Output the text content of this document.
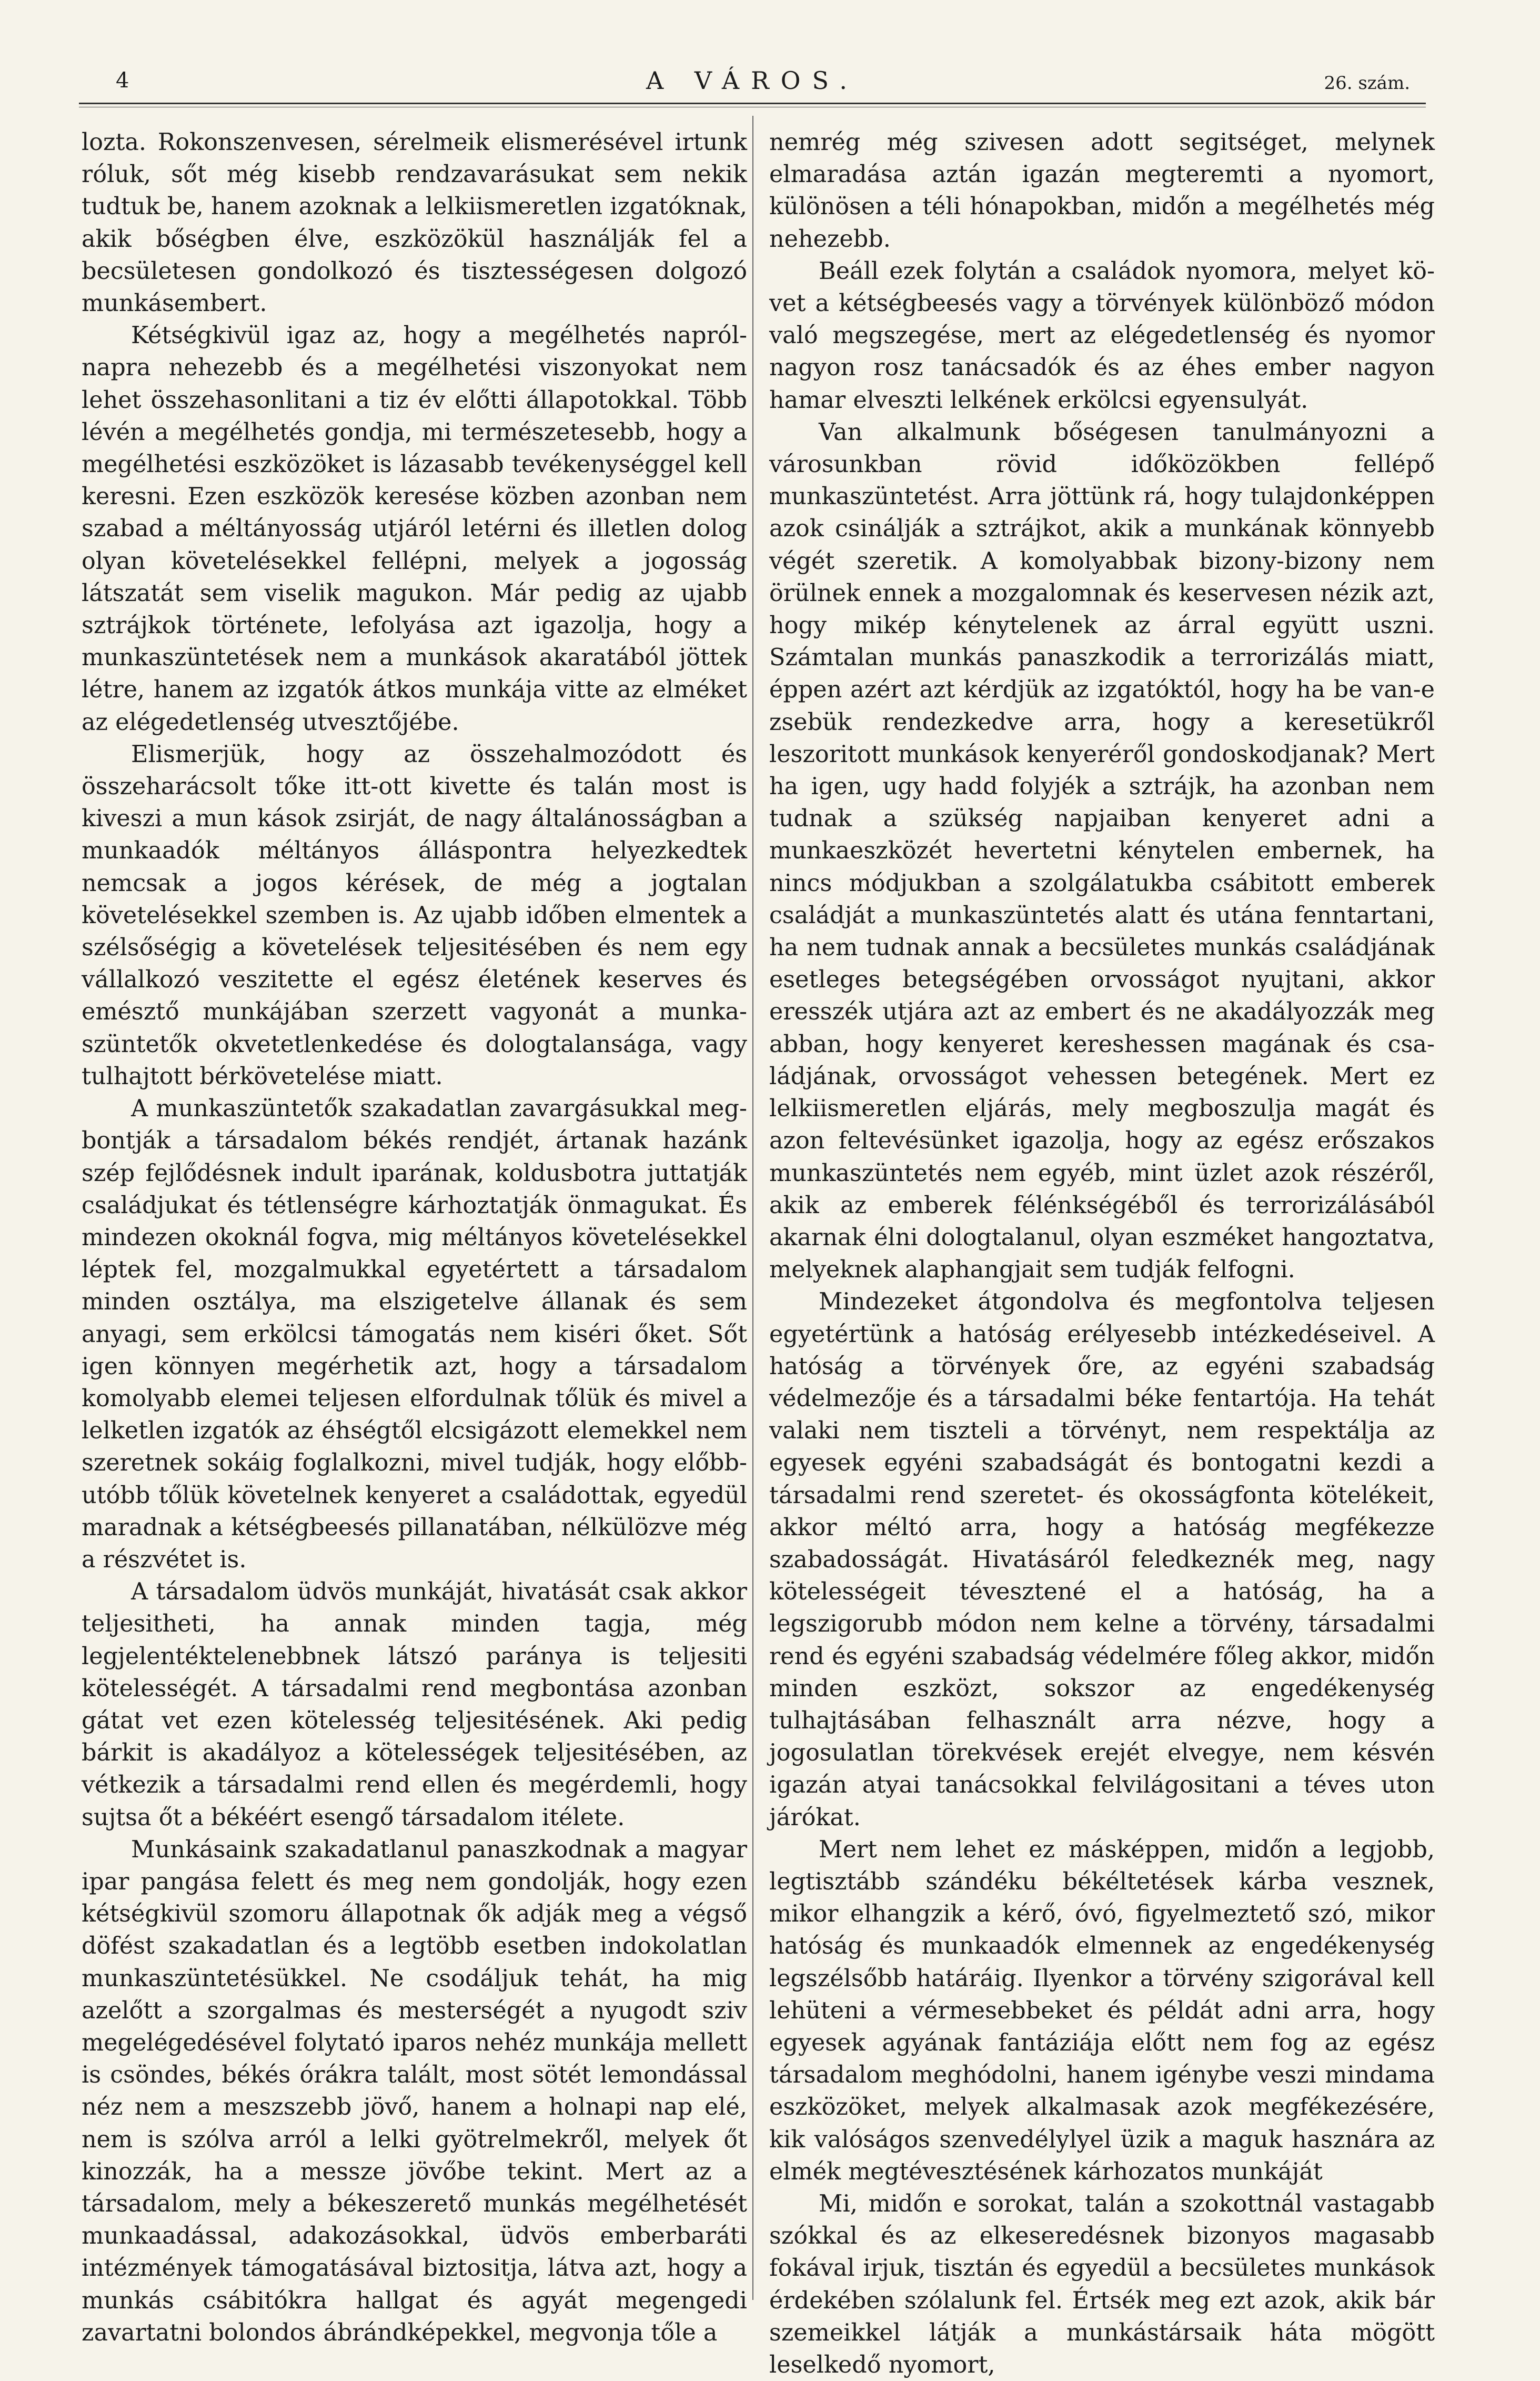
4	A VÁROS.	26. szám.

lozta. Rokonszenvesen, sérelmeik elismerésével irtunk róluk, sőt még kisebb rendzavarásukat sem nekik tudtuk be, hanem azoknak a lelkiismeretlen izgatóknak, akik bőségben élve, eszközökül használják fel a becsületesen gondolkozó és tisztességesen dolgozó munkásembert.

Kétségkivül igaz az, hogy a megélhetés napról-napra nehezebb és a megélhetési viszonyokat nem lehet összehasonlitani a tiz év előtti állapotokkal. Több lévén a megélhetés gondja, mi természetesebb, hogy a megélhetési eszközöket is lázasabb tevékenységgel kell keresni. Ezen eszközök keresése közben azonban nem szabad a méltányosság utjáról letérni és illetlen dolog olyan követelésekkel fellépni, melyek a jogosság látszatát sem viselik magukon. Már pedig az ujabb sztrájkok története, lefolyása azt igazolja, hogy a munkaszüntetések nem a munkások akaratából jöttek létre, hanem az izgatók átkos munkája vitte az elméket az elégedetlenség utvesztőjébe.

Elismerjük, hogy az összehalmozódott és összeharácsolt tőke itt-ott kivette és talán most is kiveszi a mun kások zsirját, de nagy általánosságban a munkaadók méltányos álláspontra helyezkedtek nemcsak a jogos kérések, de még a jogtalan követelésekkel szemben is. Az ujabb időben elmentek a szélsőségig a követelések teljesitésében és nem egy vállalkozó veszitette el egész életének keserves és emésztő munkájában szerzett vagyonát a munkaszüntetők okvetetlenkedése és dologtalansága, vagy tulhajtott bérkövetelése miatt.

A munkaszüntetők szakadatlan zavargásukkal megbontják a társadalom békés rendjét, ártanak hazánk szép fejlődésnek indult iparának, koldusbotra juttatják családjukat és tétlenségre kárhoztatják önmagukat. És mindezen okoknál fogva, mig méltányos követelésekkel léptek fel, mozgalmukkal egyetértett a társadalom minden osztálya, ma elszigetelve állanak és sem anyagi, sem erkölcsi támogatás nem kiséri őket. Sőt igen könnyen megérhetik azt, hogy a társadalom komolyabb elemei teljesen elfordulnak tőlük és mivel a lelketlen izgatók az éhségtől elcsigázott elemekkel nem szeretnek sokáig foglalkozni, mivel tudják, hogy előbb-utóbb tőlük követelnek kenyeret a családottak, egyedül maradnak a kétségbeesés pillanatában, nélkülözve még a részvétet is.

A társadalom üdvös munkáját, hivatását csak akkor teljesitheti, ha annak minden tagja, még legjelentéktelenebbnek látszó paránya is teljesiti kötelességét. A társadalmi rend megbontása azonban gátat vet ezen kötelesség teljesitésének. Aki pedig bárkit is akadályoz a kötelességek teljesitésében, az vétkezik a társadalmi rend ellen és megérdemli, hogy sujtsa őt a békéért esengő társadalom itélete.

Munkásaink szakadatlanul panaszkodnak a magyar ipar pangása felett és meg nem gondolják, hogy ezen kétségkivül szomoru állapotnak ők adják meg a végső döfést szakadatlan és a legtöbb esetben indokolatlan munkaszüntetésükkel. Ne csodáljuk tehát, ha mig azelőtt a szorgalmas és mesterségét a nyugodt sziv megelégedésével folytató iparos nehéz munkája mellett is csöndes, békés órákra talált, most sötét lemondással néz nem a meszszebb jövő, hanem a holnapi nap elé, nem is szólva arról a lelki gyötrelmekről, melyek őt kinozzák, ha a messze jövőbe tekint. Mert az a társadalom, mely a békeszerető munkás megélhetését munkaadással, adakozásokkal, üdvös emberbaráti intézmények támogatásával biztositja, látva azt, hogy a munkás csábitókra hallgat és agyát megengedi zavartatni bolondos ábrándképekkel, megvonja tőle a

nemrég még szivesen adott segitséget, melynek elmaradása aztán igazán megteremti a nyomort, különösen a téli hónapokban, midőn a megélhetés még nehezebb.

Beáll ezek folytán a családok nyomora, melyet követ a kétségbeesés vagy a törvények különböző módon való megszegése, mert az elégedetlenség és nyomor nagyon rosz tanácsadók és az éhes ember nagyon hamar elveszti lelkének erkölcsi egyensulyát.

Van alkalmunk bőségesen tanulmányozni a városunkban rövid időközökben fellépő munkaszüntetést. Arra jöttünk rá, hogy tulajdonképpen azok csinálják a sztrájkot, akik a munkának könnyebb végét szeretik. A komolyabbak bizony-bizony nem örülnek ennek a mozgalomnak és keservesen nézik azt, hogy mikép kénytelenek az árral együtt uszni. Számtalan munkás panaszkodik a terrorizálás miatt, éppen azért azt kérdjük az izgatóktól, hogy ha be van-e zsebük rendezkedve arra, hogy a keresetükről leszoritott munkások kenyeréről gondoskodjanak? Mert ha igen, ugy hadd folyjék a sztrájk, ha azonban nem tudnak a szükség napjaiban kenyeret adni a munkaeszközét hevertetni kénytelen embernek, ha nincs módjukban a szolgálatukba csábitott emberek családját a munkaszüntetés alatt és utána fenntartani, ha nem tudnak annak a becsületes munkás családjának esetleges betegségében orvosságot nyujtani, akkor eresszék utjára azt az embert és ne akadályozzák meg abban, hogy kenyeret kereshessen magának és családjának, orvosságot vehessen betegének. Mert ez lelkiismeretlen eljárás, mely megboszulja magát és azon feltevésünket igazolja, hogy az egész erőszakos munkaszüntetés nem egyéb, mint üzlet azok részéről, akik az emberek félénkségéből és terrorizálásából akarnak élni dologtalanul, olyan eszméket hangoztatva, melyeknek alaphangjait sem tudják felfogni.

Mindezeket átgondolva és megfontolva teljesen egyetértünk a hatóság erélyesebb intézkedéseivel. A hatóság a törvények őre, az egyéni szabadság védelmezője és a társadalmi béke fentartója. Ha tehát valaki nem tiszteli a törvényt, nem respektálja az egyesek egyéni szabadságát és bontogatni kezdi a társadalmi rend szeretet- és okosságfonta kötelékeit, akkor méltó arra, hogy a hatóság megfékezze szabadosságát. Hivatásáról feledkeznék meg, nagy kötelességeit tévesztené el a hatóság, ha a legszigorubb módon nem kelne a törvény, társadalmi rend és egyéni szabadság védelmére főleg akkor, midőn minden eszközt, sokszor az engedékenység tulhajtásában felhasznált arra nézve, hogy a jogosulatlan törekvések erejét elvegye, nem késvén igazán atyai tanácsokkal felvilágositani a téves uton járókat.

Mert nem lehet ez másképpen, midőn a legjobb, legtisztább szándéku békéltetések kárba vesznek, mikor elhangzik a kérő, óvó, figyelmeztető szó, mikor hatóság és munkaadók elmennek az engedékenység legszélsőbb határáig. Ilyenkor a törvény szigorával kell lehüteni a vérmesebbeket és példát adni arra, hogy egyesek agyának fantáziája előtt nem fog az egész társadalom meghódolni, hanem igénybe veszi mindama eszközöket, melyek alkalmasak azok megfékezésére, kik valóságos szenvedélylyel üzik a maguk hasznára az elmék megtévesztésének kárhozatos munkáját

Mi, midőn e sorokat, talán a szokottnál vastagabb szókkal és az elkeseredésnek bizonyos magasabb fokával irjuk, tisztán és egyedül a becsületes munkások érdekében szólalunk fel. Értsék meg ezt azok, akik bár szemeikkel látják a munkástársaik háta mögött leselkedő nyomort,
